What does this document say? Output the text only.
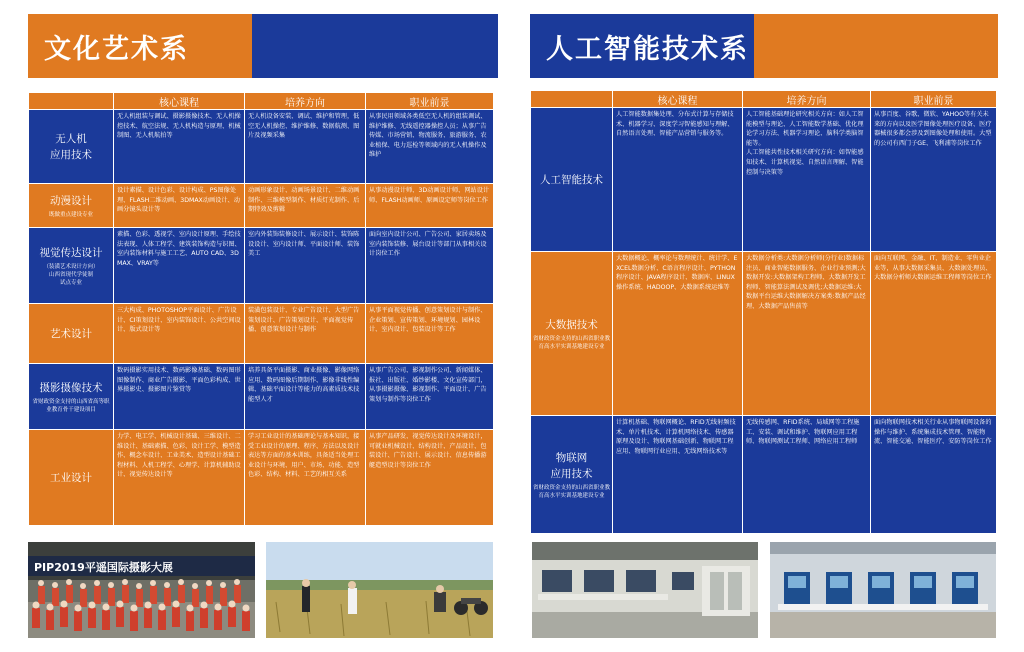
文化艺术系
	核心课程	培养方向	职业前景

无人机
应用技术	无人机组装与调试、摄影摄像技术、无人机操控技术、航空法规、无人机构造与原理、机械制图、无人机航拍等	无人机设备安装、调试、维护和管理，低空无人机操控、维护维修、数据航测、图片及视频采集	从事民用领域各类低空无人机的组装调试、维护维修、无线遥控器操控人员；从事广告传媒、市场营销、物流服务、旅游服务、农业植保、电力巡检等领域内的无人机操作及维护

动漫设计
既做重点建设专业	设计素描、设计色彩、设计构成、PS图像处理、FLASH二维动画、3DMAX动画设计、动画分镜头设计等	动画形象设计、动画场景设计、二维动画制作、三维模型制作、材质灯光制作、后期特效及剪辑	从事动漫设计师、3D动画设计师、网站设计师、FLASH动画师、原画设定师等岗位工作

视觉传达设计
（装潢艺术设计方向）
山西省现代学徒制
试点专业	素描、色彩、透视学、室内设计原理、手绘技法表现、人体工程学、建筑装饰构造与识图、室内装饰材料与施工工艺、AUTO CAD、3DMAX、VRAY等	室内外装饰装修设计、展示设计、装饰陈设设计、室内设计师、平面设计师、装饰美工	面向室内设计公司、广告公司、家居卖场及室内装饰装修、展台设计等部门从事相关设计岗位工作

艺术设计	三大构成、PHOTOSHOP平面设计、广告设计、CI策划设计、室内装饰设计、公共空间设计、版式设计等	装潢包装设计、专业广告设计、大型广告策划设计、广告策划设计、平面视觉传播、创意策划设计与制作	从事平面视觉传播、创意策划设计与制作、企业策划、宣传策划、环境规划、园林设计、室内设计、包装设计等工作

摄影摄像技术
省财政资金支持的山西省高等职业教育骨干建设项目	数码摄影实用技术、数码影像基础、数码图形图像制作、商业广告摄影、平面色彩构成、世界摄影史、摄影图片鉴赏等	培养具备平面摄影、商业摄像、影像网络应用、数码图像后期制作、影像非线性编辑、基础平面设计等能力的高素质技术技能型人才	从事广告公司、影视制作公司、新闻媒体、报社、出版社、婚纱影楼、文化宣传部门，从事摄影摄像、影视制作、平面设计、广告策划与制作等岗位工作

工业设计	力学、电工学、机械设计基础、三维设计、二维设计、基础素描、色彩、设计工学、模型造作、概念车设计、工业美术、造型设计基础工程材料、人机工程学、心理学、计算机辅助设计、视觉传达设计等	学习工业设计的基础理论与基本知识，接受工业设计的原理、程序、方法以及设计表达等方面的基本训练，具备适当处理工业设计与环境、用户、市场、功能、造型色彩、结构、材料、工艺的相互关系	从事产品研发、视觉传达设计及环境设计，可就业机械设计、结构设计、产品设计、包装设计、广告设计、展示设计、信息传播游艇造型设计等岗位工作
PIP2019平遥国际摄影大展
人工智能技术系
	核心课程	培养方向	职业前景

人工智能技术	人工智能数据集处理、分布式计算与存储技术、机器学习、深度学习智能感知与理解、自然语言处理、智能产品营销与服务等。	人工智能基础理论研究相关方向：如人工智能模型与理论、人工智能数学基础、优化理论学习方法、机器学习理论、脑科学类脑智能等。
人工智能共性技术相关研究方向：如智能感知技术、计算机视觉、自然语言理解、智能控制与决策等	从事百度、谷歌、微软、YAHOO等有关未来的方向以及医学图像处理医疗设备、医疗器械很多都会涉及到图像处理和使用。大型的公司有西门子GE、飞利浦等岗位工作

大数据技术
省财政资金支持的山西省职业教育高水平实训基地建设专业	大数据概论、概率论与数理统计、统计学、EXCEL数据分析、C语言程序设计、PYTHON程序设计、JAVA程序设计、数据库、LINUX操作系统、HADOOP、大数据系统运维等	大数据分析类:大数据分析师(分行业)数据标注员、商业智能数据服务、企业行业预测;大数据开发:大数据架构工程师、大数据开发工程师、智能算法测试及调优;大数据运维:大数据平台运维大数据解决方案类:数据产品经理、大数据产品售前等	面向互联网、金融、IT、制造业、零售业企业等，从事大数据采集员、大数据处理员、大数据分析师大数据运维工程师等岗位工作

物联网
应用技术
省财政资金支持的山西省职业教育高水平实训基地建设专业	计算机基础、物联网概论、RFID无线射频技术、单片机技术、计算机网络技术、传感器原理及设计、物联网基础创新、物联网工程应用、物联网行业应用、无线网络技术等	无线传感网、RFID系统、局域网等工程施工、安装、调试和维护、物联网应用工程师、物联网测试工程师、网络应用工程师	面向物联网技术相关行业从事物联网设备的操作与维护、系统集成技术管理、智能物流、智能交通、智能医疗、安防等岗位工作
